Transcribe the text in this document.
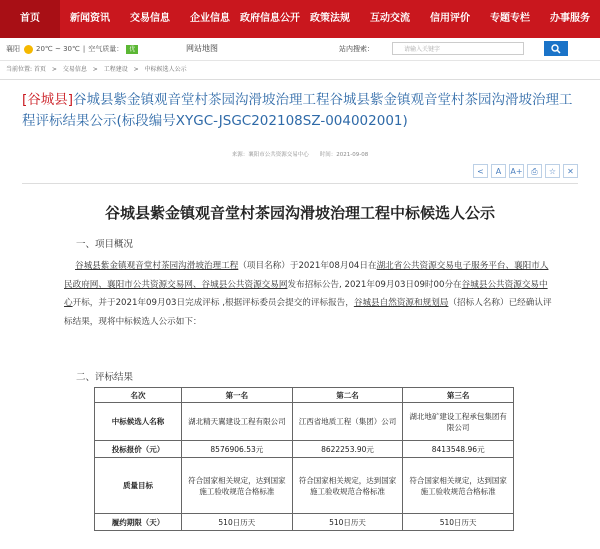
首页	新闻资讯	交易信息	企业信息	政府信息公开	政策法规	互动交流	信用评价	专题专栏	办事服务
襄阳 20℃ ~ 30℃ | 空气质量：	优	网站地图	站内搜索：	请输入关键字
当前位置: 首页 > 交易信息 > 工程建设 > 中标候选人公示
[谷城县]谷城县紫金镇观音堂村茶园沟滑坡治理工程谷城县紫金镇观音堂村茶园沟滑坡治理工程评标结果公示(标段编号XYGC-JSGC202108SZ-004002001)
来源：襄阳市公共资源交易中心　　时间：2021-09-08
<	A	A+	⎙	☆	✕
谷城县紫金镇观音堂村茶园沟滑坡治理工程中标候选人公示
一、项目概况
谷城县紫金镇观音堂村茶园沟滑坡治理工程（项目名称）于2021年08月04日在湖北省公共资源交易电子服务平台、襄阳市人民政府网、襄阳市公共资源交易网、谷城县公共资源交易网发布招标公告, 2021年09月03日09时00分在谷城县公共资源交易中心开标，并于2021年09月03日完成评标 ,根据评标委员会提交的评标报告，谷城县自然资源和规划局（招标人名称）已经确认评标结果，现将中标候选人公示如下：
二、评标结果
名次	第一名	第二名	第三名
中标候选人名称	湖北精天翼建设工程有限公司	江西省地质工程（集团）公司	湖北地矿建设工程承包集团有限公司
投标报价（元）	8576906.53元	8622253.90元	8413548.96元
质量目标	符合国家相关规定，达到国家施工验收规范合格标准	符合国家相关规定，达到国家施工验收规范合格标准	符合国家相关规定，达到国家施工验收规范合格标准
履约期限（天）	510日历天	510日历天	510日历天
